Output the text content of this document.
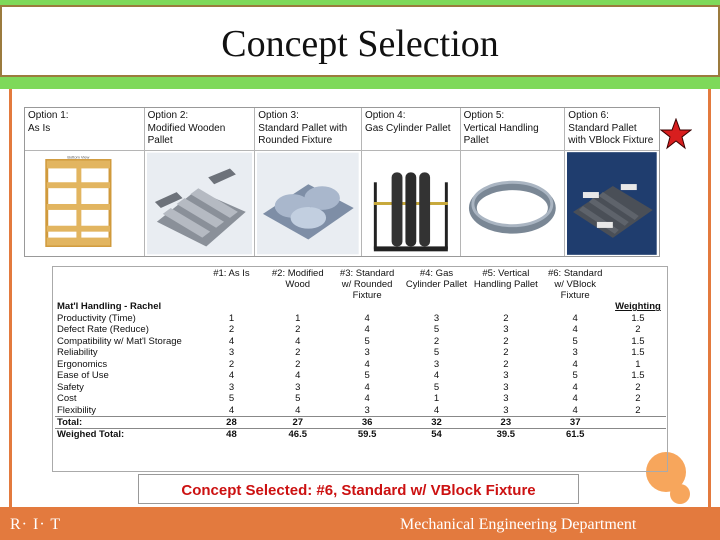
Concept Selection
Option 1:
As Is
Bottom View
Option 2:
Modified Wooden Pallet
Option 3:
Standard Pallet with Rounded Fixture
Option 4:
Gas Cylinder Pallet
Option 5:
Vertical Handling Pallet
Option 6:
Standard Pallet with VBlock Fixture
	#1: As Is	#2: Modified Wood	#3: Standard w/ Rounded Fixture	#4: Gas Cylinder Pallet	#5: Vertical Handling Pallet	#6: Standard w/ VBlock Fixture	
Mat'l Handling - Rachel							Weighting
Productivity (Time)	1	1	4	3	2	4	1.5
Defect Rate (Reduce)	2	2	4	5	3	4	2
Compatibility w/ Mat'l Storage	4	4	5	2	2	5	1.5
Reliability	3	2	3	5	2	3	1.5
Ergonomics	2	2	4	3	2	4	1
Ease of Use	4	4	5	4	3	5	1.5
Safety	3	3	4	5	3	4	2
Cost	5	5	4	1	3	4	2
Flexibility	4	4	3	4	3	4	2
Total:	28	27	36	32	23	37	
Weighed Total:	48	46.5	59.5	54	39.5	61.5	
Concept Selected: #6, Standard w/ VBlock Fixture
R· I· T	Mechanical Engineering Department
